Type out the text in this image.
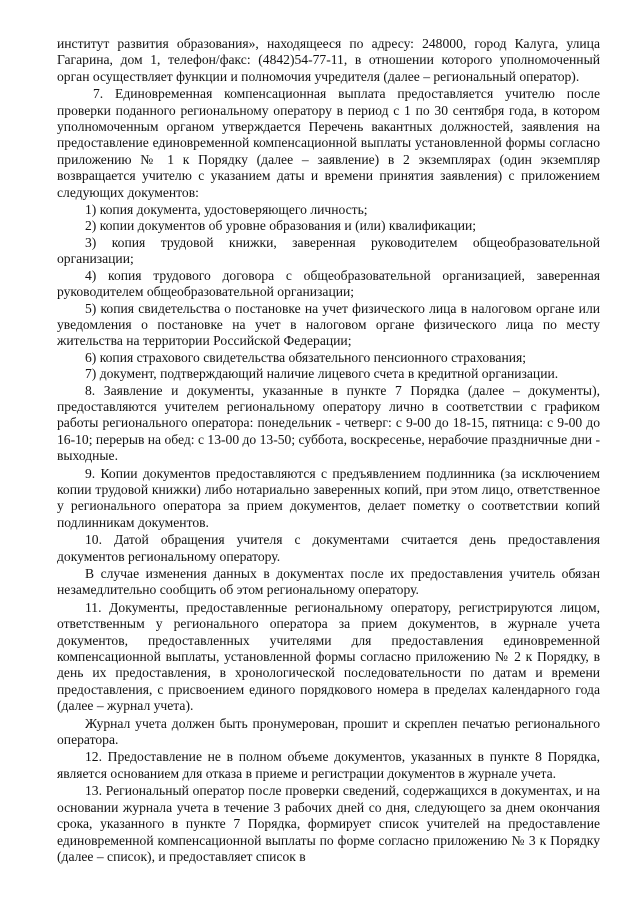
институт развития образования», находящееся по адресу: 248000, город Калуга, улица Гагарина, дом 1, телефон/факс: (4842)54-77-11, в отношении которого уполномоченный орган осуществляет функции и полномочия учредителя (далее – региональный оператор).

7. Единовременная компенсационная выплата предоставляется учителю после проверки поданного региональному оператору в период с 1 по 30 сентября года, в котором уполномоченным органом утверждается Перечень вакантных должностей, заявления на предоставление единовременной компенсационной выплаты установленной формы согласно приложению № 1 к Порядку (далее – заявление) в 2 экземплярах (один экземпляр возвращается учителю с указанием даты и времени принятия заявления) с приложением следующих документов:

1) копия документа, удостоверяющего личность;

2) копии документов об уровне образования и (или) квалификации;

3) копия трудовой книжки, заверенная руководителем общеобразовательной организации;

4) копия трудового договора с общеобразовательной организацией, заверенная руководителем общеобразовательной организации;

5) копия свидетельства о постановке на учет физического лица в налоговом органе или уведомления о постановке на учет в налоговом органе физического лица по месту жительства на территории Российской Федерации;

6) копия страхового свидетельства обязательного пенсионного страхования;

7) документ, подтверждающий наличие лицевого счета в кредитной организации.

8. Заявление и документы, указанные в пункте 7 Порядка (далее – документы), предоставляются учителем региональному оператору лично в соответствии с графиком работы регионального оператора: понедельник - четверг: с 9-00 до 18-15, пятница: с 9-00 до 16-10; перерыв на обед: с 13-00 до 13-50; суббота, воскресенье, нерабочие праздничные дни - выходные.

9. Копии документов предоставляются с предъявлением подлинника (за исключением копии трудовой книжки) либо нотариально заверенных копий, при этом лицо, ответственное у регионального оператора за прием документов, делает пометку о соответствии копий подлинникам документов.

10. Датой обращения учителя с документами считается день предоставления документов региональному оператору.

В случае изменения данных в документах после их предоставления учитель обязан незамедлительно сообщить об этом региональному оператору.

11. Документы, предоставленные региональному оператору, регистрируются лицом, ответственным у регионального оператора за прием документов, в журнале учета документов, предоставленных учителями для предоставления единовременной компенсационной выплаты, установленной формы согласно приложению № 2 к Порядку, в день их предоставления, в хронологической последовательности по датам и времени предоставления, с присвоением единого порядкового номера в пределах календарного года (далее – журнал учета).

Журнал учета должен быть пронумерован, прошит и скреплен печатью регионального оператора.

12. Предоставление не в полном объеме документов, указанных в пункте 8 Порядка, является основанием для отказа в приеме и регистрации документов в журнале учета.

13. Региональный оператор после проверки сведений, содержащихся в документах, и на основании журнала учета в течение 3 рабочих дней со дня, следующего за днем окончания срока, указанного в пункте 7 Порядка, формирует список учителей на предоставление единовременной компенсационной выплаты по форме согласно приложению № 3 к Порядку (далее – список), и предоставляет список в
